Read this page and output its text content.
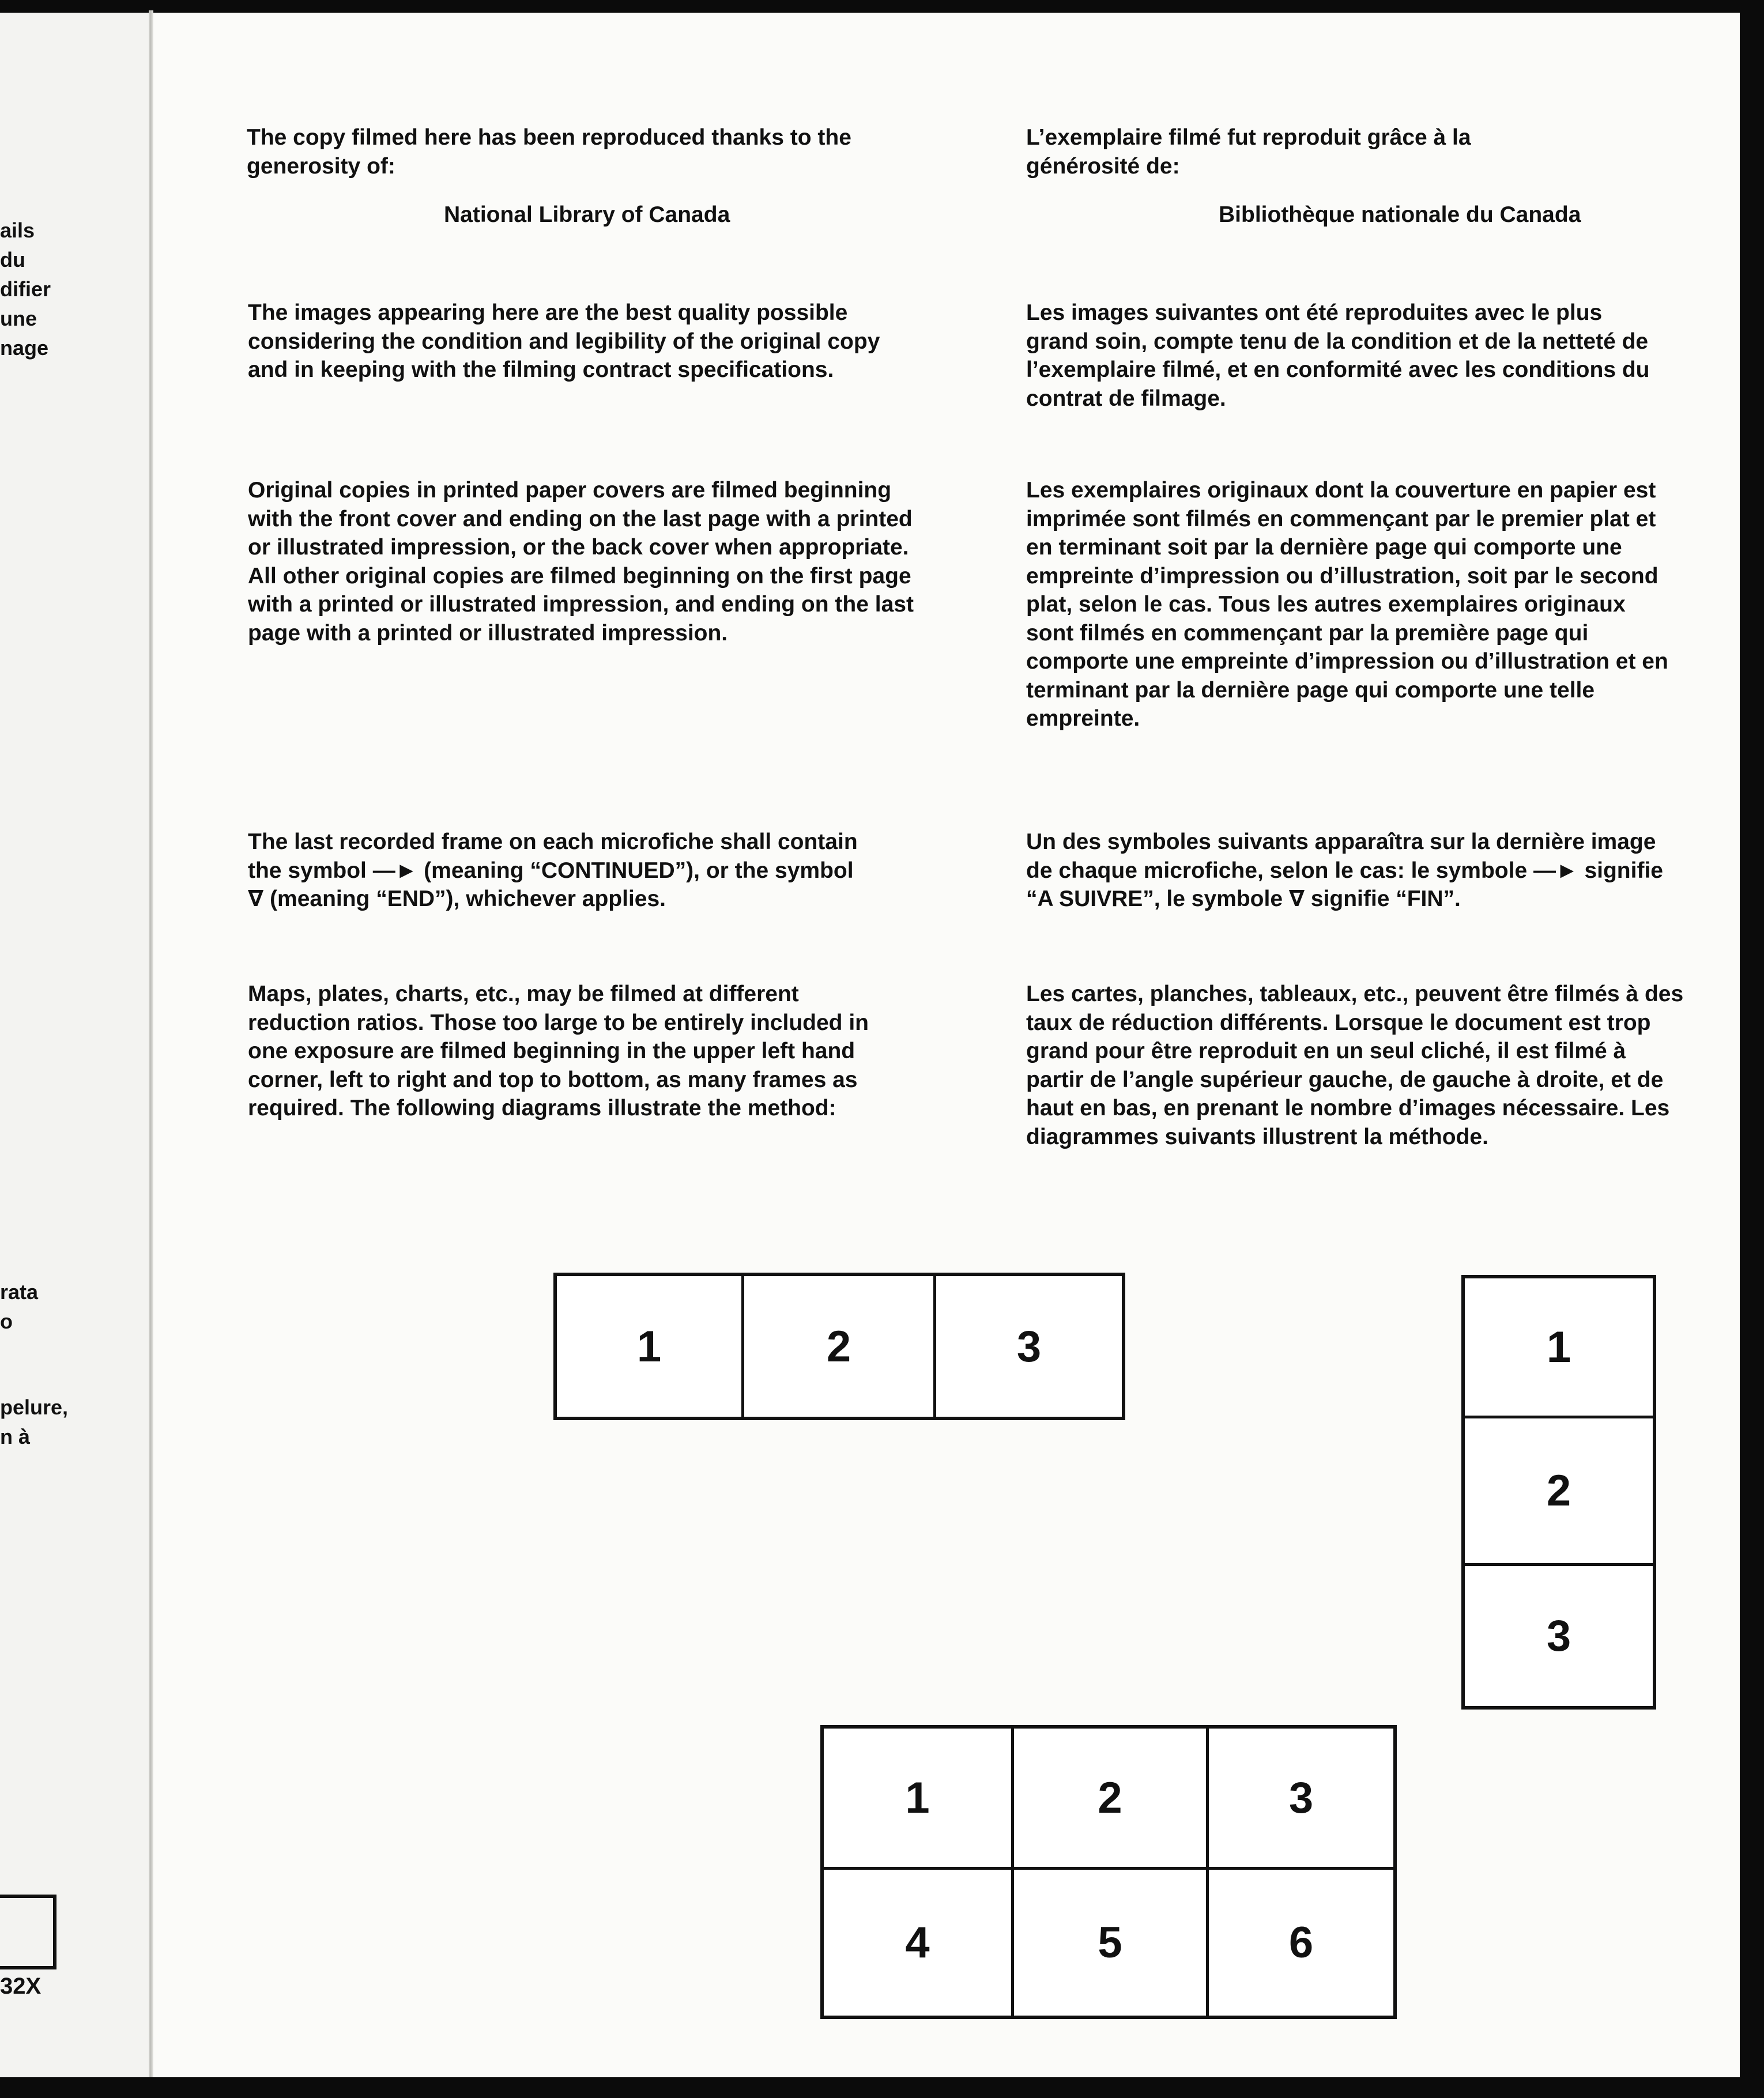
ails
du
difier
une
nage
rata
o
pelure,
n à
32X

The copy filmed here has been reproduced thanks to the generosity of:

National Library of Canada

The images appearing here are the best quality possible considering the condition and legibility of the original copy and in keeping with the filming contract specifications.

Original copies in printed paper covers are filmed beginning with the front cover and ending on the last page with a printed or illustrated impression, or the back cover when appropriate. All other original copies are filmed beginning on the first page with a printed or illustrated impression, and ending on the last page with a printed or illustrated impression.

The last recorded frame on each microfiche shall contain the symbol —► (meaning “CONTINUED”), or the symbol ∇ (meaning “END”), whichever applies.

Maps, plates, charts, etc., may be filmed at different reduction ratios. Those too large to be entirely included in one exposure are filmed beginning in the upper left hand corner, left to right and top to bottom, as many frames as required. The following diagrams illustrate the method:

L’exemplaire filmé fut reproduit grâce à la générosité de:

Bibliothèque nationale du Canada

Les images suivantes ont été reproduites avec le plus grand soin, compte tenu de la condition et de la netteté de l’exemplaire filmé, et en conformité avec les conditions du contrat de filmage.

Les exemplaires originaux dont la couverture en papier est imprimée sont filmés en commençant par le premier plat et en terminant soit par la dernière page qui comporte une empreinte d’impression ou d’illustration, soit par le second plat, selon le cas. Tous les autres exemplaires originaux sont filmés en commençant par la première page qui comporte une empreinte d’impression ou d’illustration et en terminant par la dernière page qui comporte une telle empreinte.

Un des symboles suivants apparaîtra sur la dernière image de chaque microfiche, selon le cas: le symbole —► signifie “A SUIVRE”, le symbole ∇ signifie “FIN”.

Les cartes, planches, tableaux, etc., peuvent être filmés à des taux de réduction différents. Lorsque le document est trop grand pour être reproduit en un seul cliché, il est filmé à partir de l’angle supérieur gauche, de gauche à droite, et de haut en bas, en prenant le nombre d’images nécessaire. Les diagrammes suivants illustrent la méthode.

1	2	3	1
2
3
1	2	3
4	5	6
